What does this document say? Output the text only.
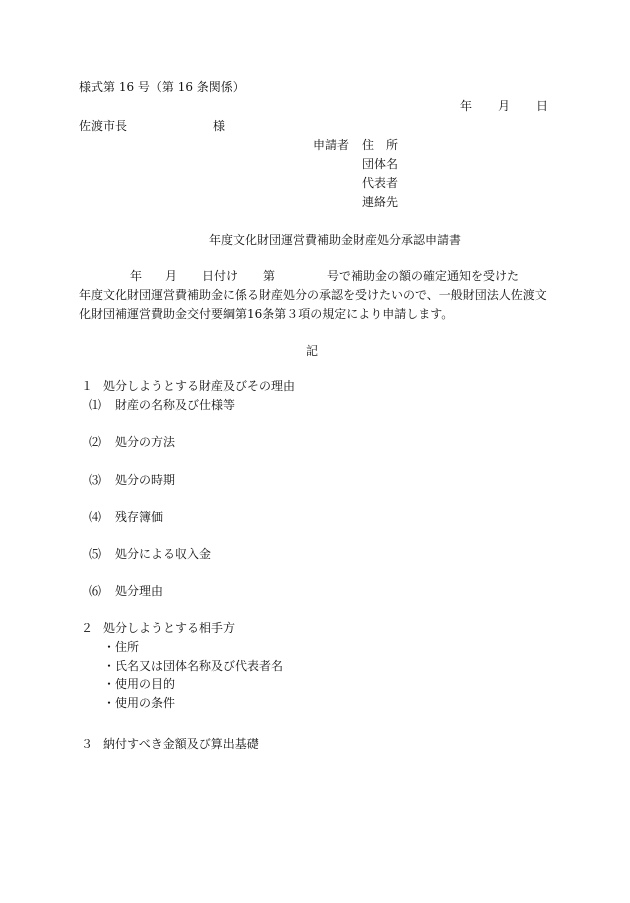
様式第 16 号（第 16 条関係）
年 月 日
佐渡市長	様
申請者 住　所
団体名
代表者
連絡先
年度文化財団運営費補助金財産処分承認申請書
年 月 日付け 第	号で補助金の額の確定通知を受けた
年度文化財団運営費補助金に係る財産処分の承認を受けたいので、一般財団法人佐渡文
化財団補運営費助金交付要綱第16条第３項の規定により申請します。
記
１ 処分しようとする財産及びその理由
⑴ 財産の名称及び仕様等
⑵ 処分の方法
⑶ 処分の時期
⑷ 残存簿価
⑸ 処分による収入金
⑹ 処分理由
２ 処分しようとする相手方
・住所
・氏名又は団体名称及び代表者名
・使用の目的
・使用の条件
３ 納付すべき金額及び算出基礎
